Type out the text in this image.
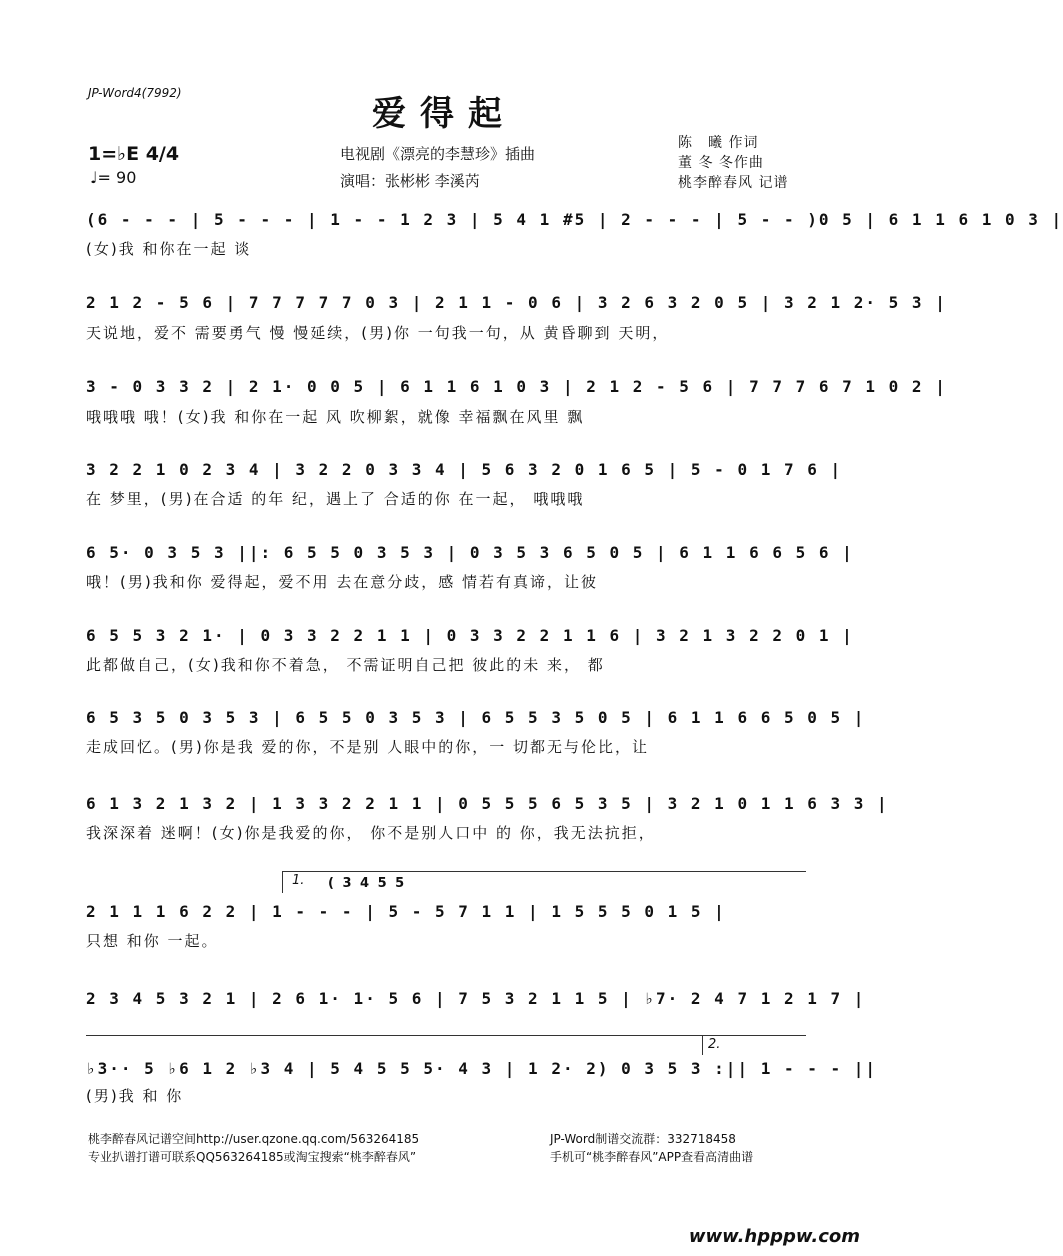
JP-Word4(7992)
爱得起
1=♭E 4/4
♩= 90
电视剧《漂亮的李慧珍》插曲
演唱：张彬彬 李溪芮
陈　曦 作词
董 冬 冬作曲
桃李醉春风 记谱
(6 - - - | 5 - - - | 1 - - 1 2 3 | 5 4 1 #5 | 2 - - - | 5 - - )0 5 | 6 1 1 6 1 0 3 |
(女)我 和你在一起 谈
2 1 2 - 5 6 | 7 7 7 7 7 0 3 | 2 1 1 - 0 6 | 3 2 6 3 2 0 5 | 3 2 1 2· 5 3 |
天说地，爱不 需要勇气 慢 慢延续，(男)你 一句我一句，从 黄昏聊到 天明，
3 - 0 3 3 2 | 2 1· 0 0 5 | 6 1 1 6 1 0 3 | 2 1 2 - 5 6 | 7 7 7 6 7 1 0 2 |
哦哦哦 哦！(女)我 和你在一起 风 吹柳絮，就像 幸福飘在风里 飘
3 2 2 1 0 2 3 4 | 3 2 2 0 3 3 4 | 5 6 3 2 0 1 6 5 | 5 - 0 1 7 6 |
在 梦里，(男)在合适 的年 纪，遇上了 合适的你 在一起， 哦哦哦
6 5· 0 3 5 3 ||: 6 5 5 0 3 5 3 | 0 3 5 3 6 5 0 5 | 6 1 1 6 6 5 6 |
哦！(男)我和你 爱得起，爱不用 去在意分歧，感 情若有真谛，让彼
6 5 5 3 2 1· | 0 3 3 2 2 1 1 | 0 3 3 2 2 1 1 6 | 3 2 1 3 2 2 0 1 |
此都做自己，(女)我和你不着急， 不需证明自己把 彼此的未 来， 都
6 5 3 5 0 3 5 3 | 6 5 5 0 3 5 3 | 6 5 5 3 5 0 5 | 6 1 1 6 6 5 0 5 |
走成回忆。(男)你是我 爱的你，不是别 人眼中的你，一 切都无与伦比，让
6 1 3 2 1 3 2 | 1 3 3 2 2 1 1 | 0 5 5 5 6 5 3 5 | 3 2 1 0 1 1 6 3 3 |
我深深着 迷啊！(女)你是我爱的你， 你不是别人口中 的 你，我无法抗拒，
1. ( 3 4 5 5
2 1 1 1 6 2 2 | 1 - - - | 5 - 5 7 1 1 | 1 5 5 5 0 1 5 |
只想 和你 一起。
2 3 4 5 3 2 1 | 2 6 1· 1· 5 6 | 7 5 3 2 1 1 5 | ♭7· 2 4 7 1 2 1 7 |
2.
♭3·· 5 ♭6 1 2 ♭3 4 | 5 4 5 5 5· 4 3 | 1 2· 2) 0 3 5 3 :|| 1 - - - ||
(男)我 和 你
桃李醉春风记谱空间http://user.qzone.qq.com/563264185
专业扒谱打谱可联系QQ563264185或淘宝搜索“桃李醉春风”
JP-Word制谱交流群：332718458
手机可“桃李醉春风”APP查看高清曲谱
www.hpppw.com
